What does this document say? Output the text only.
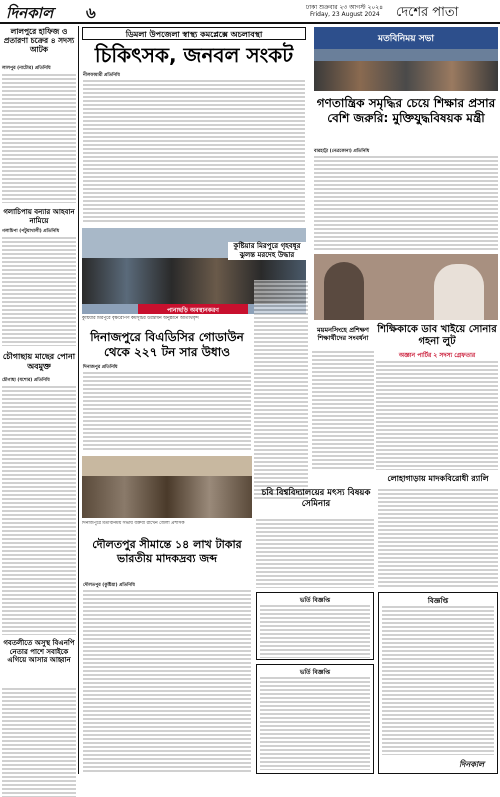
দিনকাল ৬	ঢাকা শুক্রবার ২৩ আগস্ট ২০২৪
Friday, 23 August 2024 দেশের পাতা
লালপুরে হাফিজ ও প্রতারণা চক্রের ৪ সদস্য আটক
লালপুর (নাটোর) প্রতিনিধি
গলাচিপায় বন্যার আহবান নামিয়ে
গলাচিপা (পটুয়াখালী) প্রতিনিধি
চৌগাছায় মাছের পোনা অবমুক্ত
চৌগাছা (যশোর) প্রতিনিধি
গবতলীতে অসুস্থ বিএনপি নেতার পাশে সবাইকে এগিয়ে আসার আহ্বান
ডিমলা উপজেলা স্বাস্থ্য কমপ্লেক্সে অচলাবস্থা
চিকিৎসক, জনবল সংকট
নীলফামারী প্রতিনিধি
মতবিনিময় সভা
গণতান্ত্রিক সমৃদ্ধির চেয়ে শিক্ষার প্রসার বেশি জরুরি: মুক্তিযুদ্ধবিষয়ক মন্ত্রী
বারহাট্টা (নেত্রকোনা) প্রতিনিধি
পানাছড়ি অবস্থানকরণ
কুষ্টিয়ার মিরপুরে বৃক্ষরোপণ কর্মসূচির উদ্বোধন অনুষ্ঠানে অতিথিবৃন্দ
কুষ্টিয়ার মিরপুরে গৃহবধূর ঝুলন্ত মরদেহ উদ্ধার
শিক্ষিকাকে ডাব খাইয়ে সোনার গহনা লুট
অজ্ঞান পার্টির ২ সদস্য গ্রেফতার
ময়মনসিংহে প্রশিক্ষণ শিক্ষার্থীদের সংবর্ধনা
দিনাজপুরে বিএডিসির গোডাউন থেকে ২২৭ টন সার উধাও
দিনাজপুর প্রতিনিধি
চবি বিশ্ববিদ্যালয়ের মৎস্য বিষয়ক সেমিনার
দিনাজপুরে মতবিনিময় সভায় বক্তব্য রাখেন জেলা প্রশাসক
দৌলতপুর সীমান্তে ১৪ লাখ টাকার ভারতীয় মাদকদ্রব্য জব্দ
দৌলতপুর (কুষ্টিয়া) প্রতিনিধি
লোহাগাড়ায় মাদকবিরোধী র‍্যালি
ভর্তি বিজ্ঞপ্তি
ভর্তি বিজ্ঞপ্তি
বিজ্ঞপ্তি
দিনকাল
